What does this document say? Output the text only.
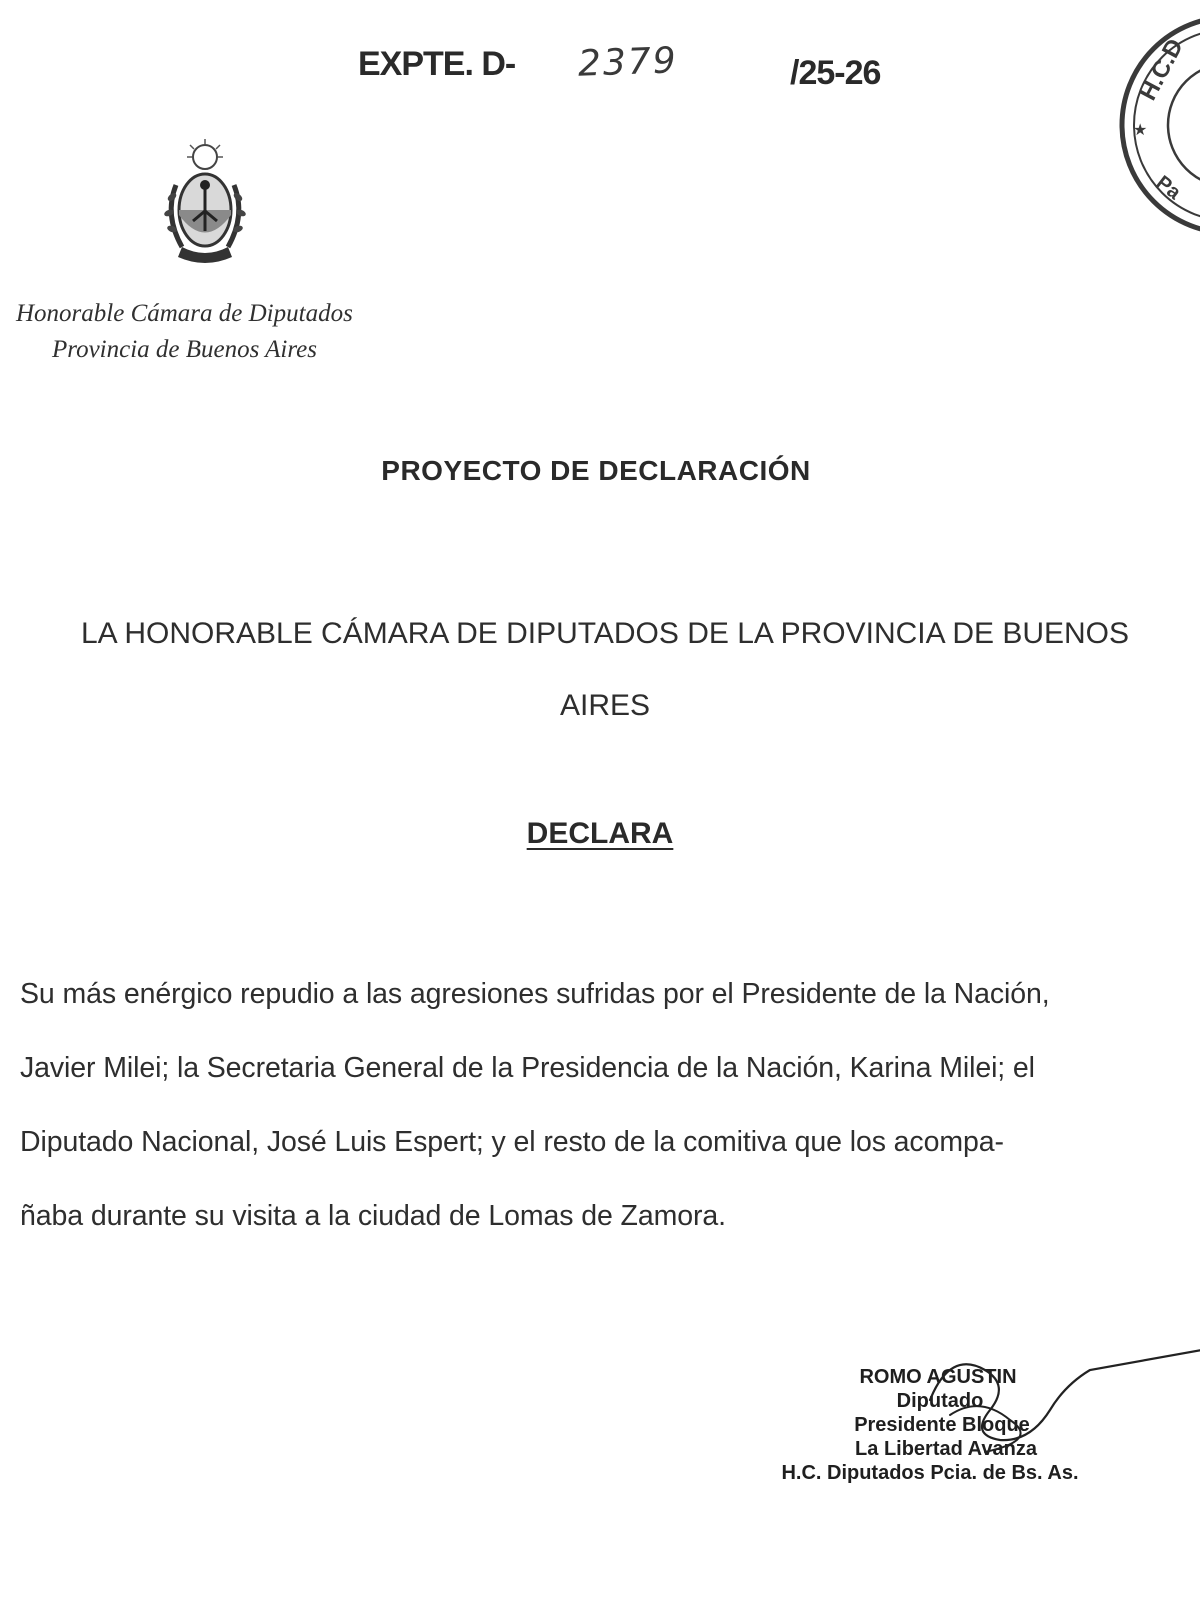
EXPTE. D- 2379	/25-26	H.C.D
★
Pa
Honorable Cámara de Diputados
Provincia de Buenos Aires
PROYECTO DE DECLARACIÓN
LA HONORABLE CÁMARA DE DIPUTADOS DE LA PROVINCIA DE BUENOS AIRES
DECLARA
Su más enérgico repudio a las agresiones sufridas por el Presidente de la Nación,
Javier Milei; la Secretaria General de la Presidencia de la Nación, Karina Milei; el
Diputado Nacional, José Luis Espert; y el resto de la comitiva que los acompa-
ñaba durante su visita a la ciudad de Lomas de Zamora.
ROMO AGUSTIN
Diputado
Presidente Bloque
La Libertad Avanza
H.C. Diputados Pcia. de Bs. As.
